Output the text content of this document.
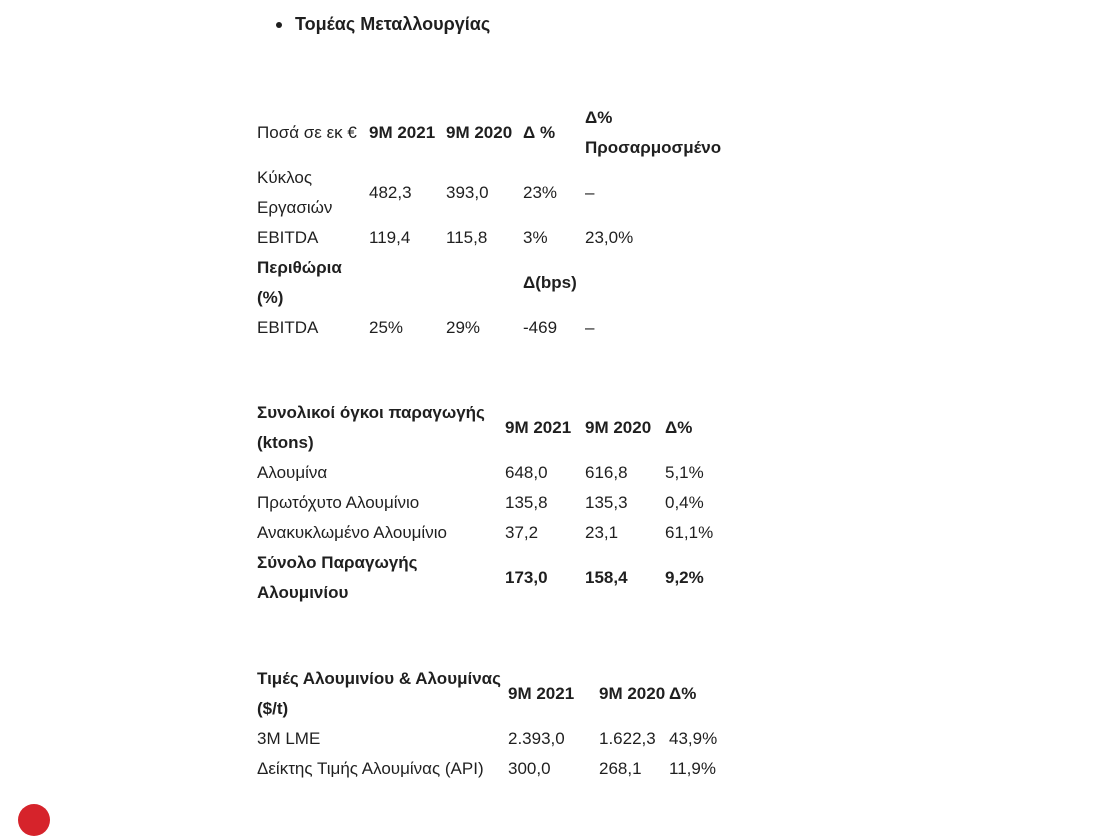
Τομέας Μεταλλουργίας
Ποσά σε εκ €	9M 2021	9M 2020	Δ %	Δ% Προσαρμοσμένο
Κύκλος Εργασιών	482,3	393,0	23%	–
EBITDA	119,4	115,8	3%	23,0%
Περιθώρια (%)			Δ(bps)	
EBITDA	25%	29%	-469	–
Συνολικοί όγκοι παραγωγής (ktons)	9M 2021	9M 2020	Δ%
Αλουμίνα	648,0	616,8	5,1%
Πρωτόχυτο Αλουμίνιο	135,8	135,3	0,4%
Ανακυκλωμένο Αλουμίνιο	37,2	23,1	61,1%
Σύνολο Παραγωγής Αλουμινίου	173,0	158,4	9,2%
Τιμές Αλουμινίου & Αλουμίνας ($/t)	9M 2021	9M 2020	Δ%
3M LME	2.393,0	1.622,3	43,9%
Δείκτης Τιμής Αλουμίνας (API)	300,0	268,1	11,9%
